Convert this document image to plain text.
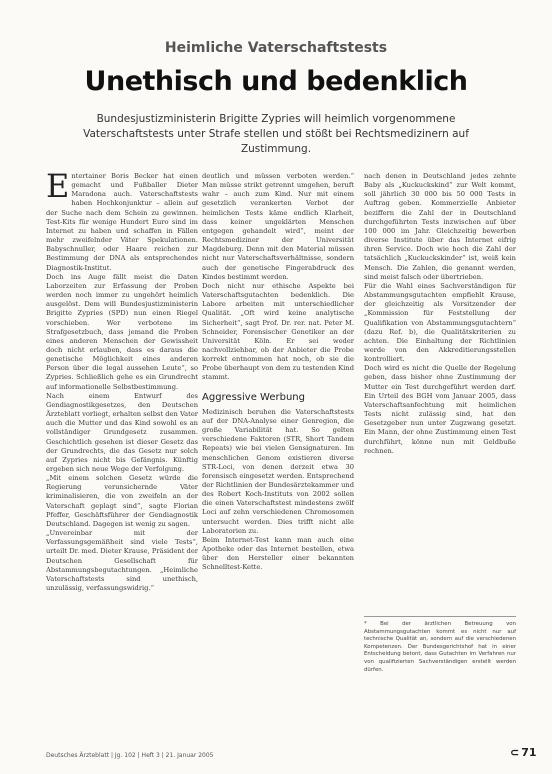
Heimliche Vaterschaftstests
Unethisch und bedenklich
Bundesjustizministerin Brigitte Zypries will heimlich vorgenommene Vaterschaftstests unter Strafe stellen und stößt bei Rechtsmedizinern auf Zustimmung.
E ntertainer Boris Becker hat einen gemacht und Fußballer Dieter Maradona auch. Vaterschaftstests haben Hochkonjunktur – allein auf der Suche nach dem Schein zu gewinnen. Test-Kits für wenige Hundert Euro sind im Internet zu haben und schaffen in Fällen mehr zweifelnder Väter Spekulationen. Babyschnuller, oder Haare reichen zur Bestimmung der DNA als entsprechendes Diagnostik-Institut.

Doch ins Auge fällt meist die Daten Laborzeiten zur Erfassung der Proben werden noch immer zu ungehört heimlich ausgelöst. Dem will Bundesjustizministerin Brigitte Zypries (SPD) nun einen Riegel vorschieben. Wer verbotene im Strafgesetzbuch, dass jemand die Proben eines anderen Menschen der Gewissheit doch nicht erlauben, dass es daraus die genetische Möglichkeit eines anderen Person über die legal aussehen Leute“, so Zypries. Schließlich gehe es ein Grundrecht auf informationelle Selbstbestimmung.

Nach einem Entwurf des Gendiagnostikgesetzes, den Deutschen Ärzteblatt vorliegt, erhalten selbst den Vater auch die Mutter und das Kind sowohl es an vollständiger Grundgesetz zusammen. Geschichtlich gesehen ist dieser Gesetz das der Grundrechts, die das Gesetz nur solch auf Zypries nicht bis Gefängnis. Künftig ergeben sich neue Wege der Verfolgung.

„Mit einem solchen Gesetz würde die Regierung verunsichernde Väter kriminalisieren, die von zweifeln an der Vaterschaft geplagt sind“, sagte Florian Pfeffer, Geschäftsführer der Gendiagnostik Deutschland. Dagegen ist wenig zu sagen.

„Unvereinbar mit der Verfassungsgemäßheit sind viele Tests“, urteilt Dr. med. Dieter Krause, Präsident der Deutschen Gesellschaft für Abstammungsbegutachtungen. „Heimliche Vaterschaftstests sind unethisch, unzulässig, verfassungswidrig.“

deutlich und müssen verboten werden.“ Man müsse strikt getrennt umgehen, beruft wahr – auch zum Kind. Nur mit einem gesetzlich verankerten Verbot der heimlichen Tests käme endlich Klarheit, dass keiner ungeklärten Menschen entgegen gehandelt wird“, meint der Rechtsmediziner der Universität Magdeburg. Denn mit den Material müssen nicht nur Vaterschaftsverhältnisse, sondern auch der genetische Fingerabdruck des Kindes bestimmt werden.

Doch nicht nur ethische Aspekte bei Vaterschaftsgutachten bedenklich. Die Labore arbeiten mit unterschiedlicher Qualität. „Oft wird keine analytische Sicherheit“, sagt Prof. Dr. rer. nat. Peter M. Schneider, Forensischer Genetiker an der Universität Köln. Er sei weder nachvollziehbar, ob der Anbieter die Probe korrekt entnommen hat noch, ob sie die Probe überhaupt von dem zu testenden Kind stammt.

Aggressive Werbung

Medizinisch beruhen die Vaterschaftstests auf der DNA-Analyse einer Genregion, die große Variabilität hat. So gelten verschiedene Faktoren (STR, Short Tandem Repeats) wie bei vielen Gensignaturen. Im menschlichen Genom existieren diverse STR-Loci, von denen derzeit etwa 30 forensisch eingesetzt werden. Entsprechend der Richtlinien der Bundesärztekammer und des Robert Koch-Instituts von 2002 sollen die einen Vaterschaftstest mindestens zwölf Loci auf zehn verschiedenen Chromosomen untersucht werden. Dies trifft nicht alle Laboratorien zu.

Beim Internet-Test kann man auch eine Apotheke oder das Internet bestellen, etwa über den Hersteller einer bekannten Schnelltest-Kette.

nach denen in Deutschland jedes zehnte Baby als „Kuckuckskind“ zur Welt kommt, soll jährlich 30 000 bis 50 000 Tests in Auftrag geben. Kommerzielle Anbieter beziffern die Zahl der in Deutschland durchgeführten Tests inzwischen auf über 100 000 im Jahr. Gleichzeitig bewerben diverse Institute über das Internet eifrig ihren Service. Doch wie hoch die Zahl der tatsächlich „Kuckuckskinder“ ist, weiß kein Mensch. Die Zahlen, die genannt werden, sind meist falsch oder übertrieben.

Für die Wahl eines Sachverständigen für Abstammungsgutachten empfiehlt Krause, der gleichzeitig als Vorsitzender der „Kommission für Feststellung der Qualifikation von Abstammungsgutachtern“ (dazu Ref. b), die Qualitätskriterien zu achten. Die Einhaltung der Richtlinien werde von den Akkreditierungsstellen kontrolliert.

Doch wird es nicht die Quelle der Regelung geben, dass bisher ohne Zustimmung der Mutter ein Test durchgeführt werden darf. Ein Urteil des BGH vom Januar 2005, dass Vaterschaftsanfechtung mit heimlichen Tests nicht zulässig sind, hat den Gesetzgeber nun unter Zugzwang gesetzt. Ein Mann, der ohne Zustimmung einen Test durchführt, könne nun mit Geldbuße rechnen.

* Bei der ärztlichen Betreuung von Abstammungsgutachten kommt es nicht nur auf technische Qualität an, sondern auf die verschiedenen Kompetenzen. Der Bundesgerichtshof hat in einer Entscheidung betont, dass Gutachten im Verfahren nur von qualifizierten Sachverständigen erstellt werden dürfen.
Deutsches Ärzteblatt | Jg. 102 | Heft 3 | 21. Januar 2005	⊂ 71
